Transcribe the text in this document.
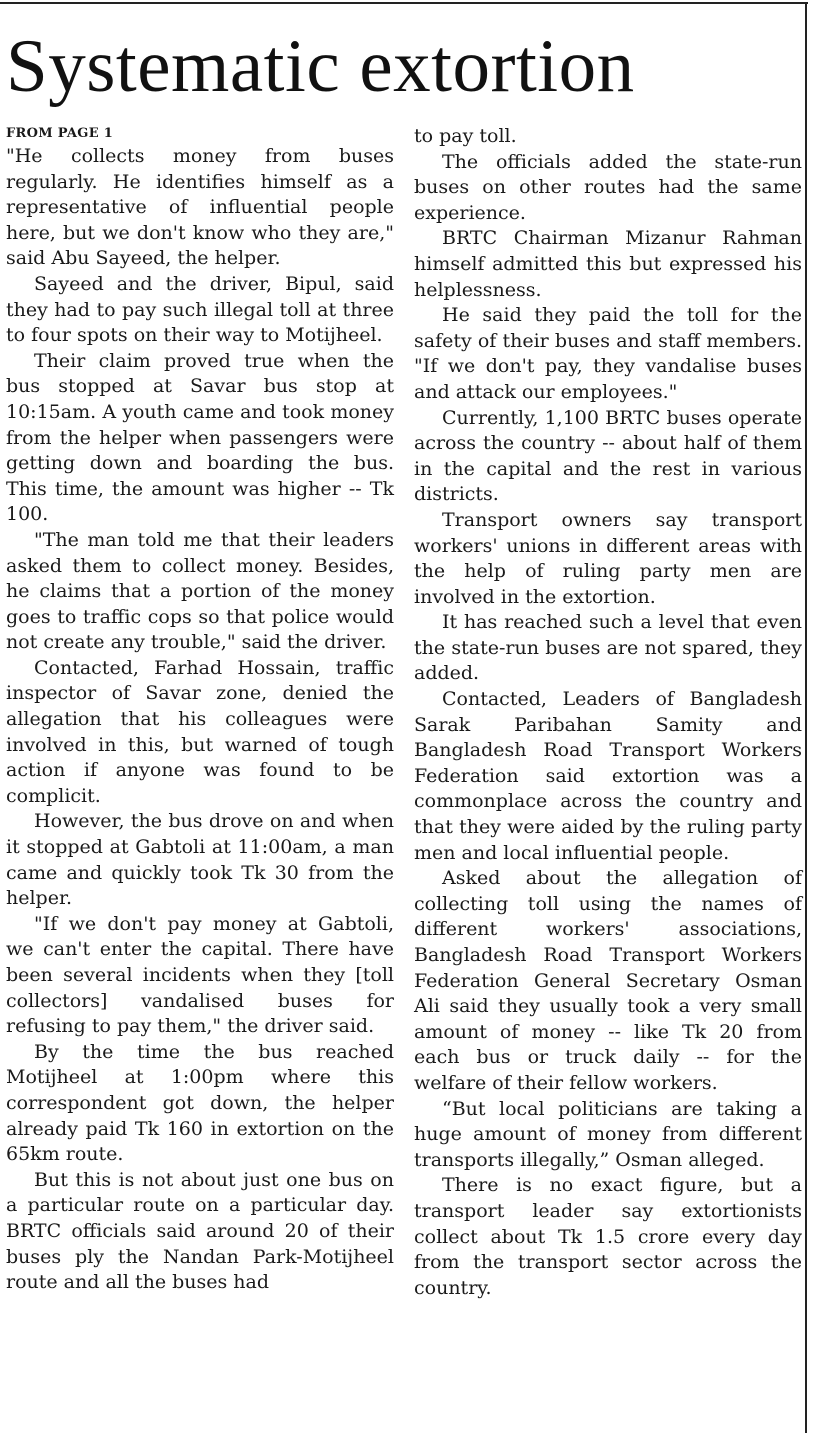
Systematic extortion
FROM PAGE 1

"He collects money from buses regularly. He identifies himself as a representative of influential people here, but we don't know who they are," said Abu Sayeed, the helper.

Sayeed and the driver, Bipul, said they had to pay such illegal toll at three to four spots on their way to Motijheel.

Their claim proved true when the bus stopped at Savar bus stop at 10:15am. A youth came and took money from the helper when passengers were getting down and boarding the bus. This time, the amount was higher -- Tk 100.

"The man told me that their leaders asked them to collect money. Besides, he claims that a portion of the money goes to traffic cops so that police would not create any trouble," said the driver.

Contacted, Farhad Hossain, traffic inspector of Savar zone, denied the allegation that his colleagues were involved in this, but warned of tough action if anyone was found to be complicit.

However, the bus drove on and when it stopped at Gabtoli at 11:00am, a man came and quickly took Tk 30 from the helper.

"If we don't pay money at Gabtoli, we can't enter the capital. There have been several incidents when they [toll collectors] vandalised buses for refusing to pay them," the driver said.

By the time the bus reached Motijheel at 1:00pm where this correspondent got down, the helper already paid Tk 160 in extortion on the 65km route.

But this is not about just one bus on a particular route on a particular day. BRTC officials said around 20 of their buses ply the Nandan Park-Motijheel route and all the buses had

to pay toll.

The officials added the state-run buses on other routes had the same experience.

BRTC Chairman Mizanur Rahman himself admitted this but expressed his helplessness.

He said they paid the toll for the safety of their buses and staff members. "If we don't pay, they vandalise buses and attack our employees."

Currently, 1,100 BRTC buses operate across the country -- about half of them in the capital and the rest in various districts.

Transport owners say transport workers' unions in different areas with the help of ruling party men are involved in the extortion.

It has reached such a level that even the state-run buses are not spared, they added.

Contacted, Leaders of Bangladesh Sarak Paribahan Samity and Bangladesh Road Transport Workers Federation said extortion was a commonplace across the country and that they were aided by the ruling party men and local influential people.

Asked about the allegation of collecting toll using the names of different workers' associations, Bangladesh Road Transport Workers Federation General Secretary Osman Ali said they usually took a very small amount of money -- like Tk 20 from each bus or truck daily -- for the welfare of their fellow workers.

“But local politicians are taking a huge amount of money from different transports illegally,” Osman alleged.

There is no exact figure, but a transport leader say extortionists collect about Tk 1.5 crore every day from the transport sector across the country.
